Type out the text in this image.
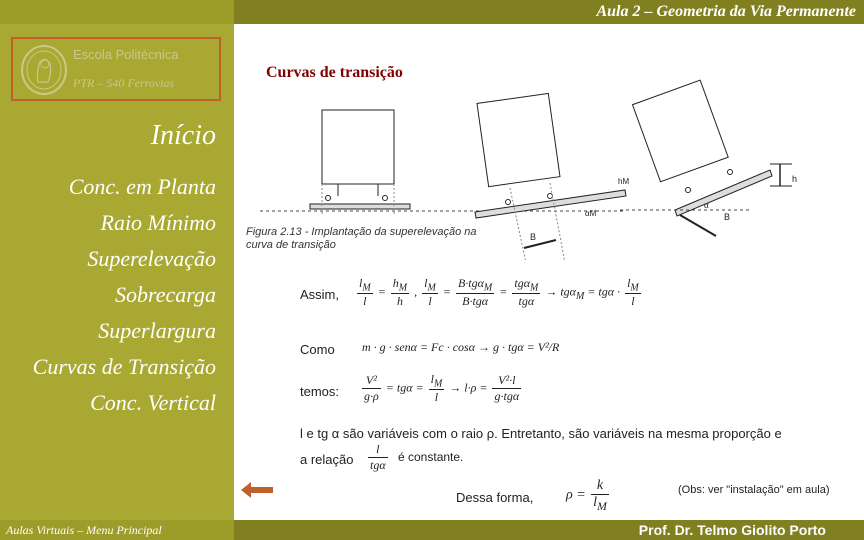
Aula 2 – Geometria da Via Permanente
Escola Politécnica
PTR – 540 Ferrovias
Início
Conc. em Planta
Raio Mínimo
Superelevação
Sobrecarga
Superlargura
Curvas de Transição
Conc. Vertical
Curvas de transição
B
hM
αM
h
α
B
Figura 2.13 - Implantação da superelevação na curva de transição
Assim, $\frac{l_M}{l} = \frac{h_M}{h}$ , $\frac{l_M}{l} = \frac{B\cdot tg\alpha_M}{\text{B·tgα}} = \frac{tg\alpha_M}{\text{tgα}} \to tg\alpha_M = tg\alpha \cdot \frac{l_M}{l}$
Como m · g · senα = Fc · cosα → g · tgα = V²/R
temos: $\frac{\text{V²}}{g\cdot\rho} = tg\alpha = \frac{l_M}{l} \to l\cdot\rho = \frac{\text{V²·l}}{\text{g·tgα}}$
l e tg α são variáveis com o raio ρ. Entretanto, são variáveis na mesma proporção e
a relação $\frac{l}{\text{tgα}}$ é constante.
Dessa forma, $\rho = \frac{k}{l_M}$	(Obs: ver "instalação" em aula)
Aulas Virtuais – Menu Principal	Prof. Dr. Telmo Giolito Porto
